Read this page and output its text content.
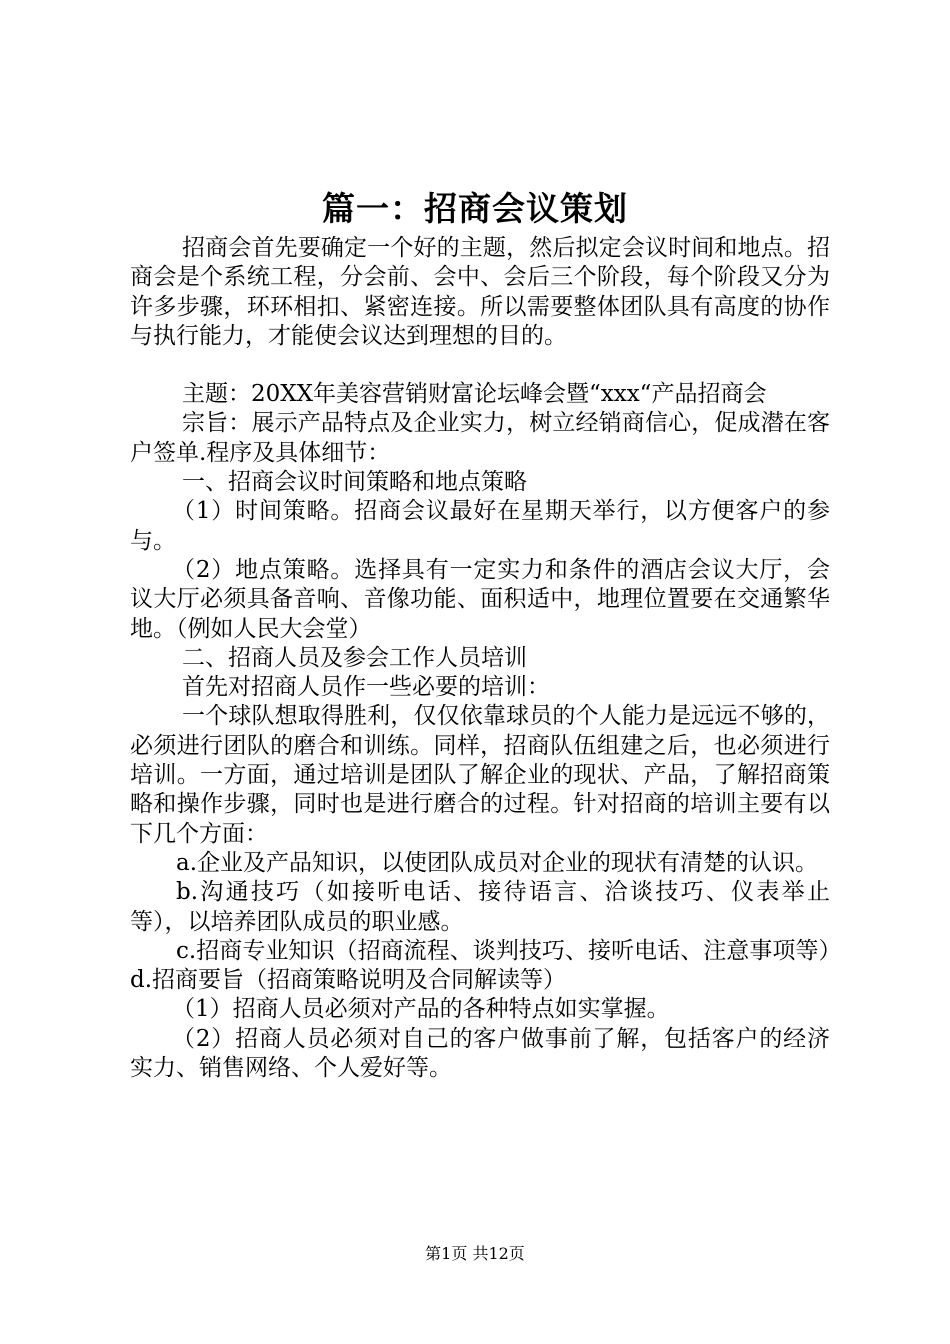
篇一：招商会议策划

招商会首先要确定一个好的主题，然后拟定会议时间和地点。招商会是个系统工程，分会前、会中、会后三个阶段，每个阶段又分为许多步骤，环环相扣、紧密连接。所以需要整体团队具有高度的协作与执行能力，才能使会议达到理想的目的。

主题：20XX年美容营销财富论坛峰会暨“xxx“产品招商会

宗旨：展示产品特点及企业实力，树立经销商信心，促成潜在客户签单.程序及具体细节：

一、招商会议时间策略和地点策略

（1）时间策略。招商会议最好在星期天举行，以方便客户的参与。

（2）地点策略。选择具有一定实力和条件的酒店会议大厅，会议大厅必须具备音响、音像功能、面积适中，地理位置要在交通繁华地。（例如人民大会堂）

二、招商人员及参会工作人员培训

首先对招商人员作一些必要的培训：

一个球队想取得胜利，仅仅依靠球员的个人能力是远远不够的，必须进行团队的磨合和训练。同样，招商队伍组建之后，也必须进行培训。一方面，通过培训是团队了解企业的现状、产品，了解招商策略和操作步骤，同时也是进行磨合的过程。针对招商的培训主要有以下几个方面：

a.企业及产品知识，以使团队成员对企业的现状有清楚的认识。

b.沟通技巧（如接听电话、接待语言、洽谈技巧、仪表举止等），以培养团队成员的职业感。

c.招商专业知识（招商流程、谈判技巧、接听电话、注意事项等）d.招商要旨（招商策略说明及合同解读等）

（1）招商人员必须对产品的各种特点如实掌握。

（2）招商人员必须对自己的客户做事前了解，包括客户的经济实力、销售网络、个人爱好等。

第1页 共12页
